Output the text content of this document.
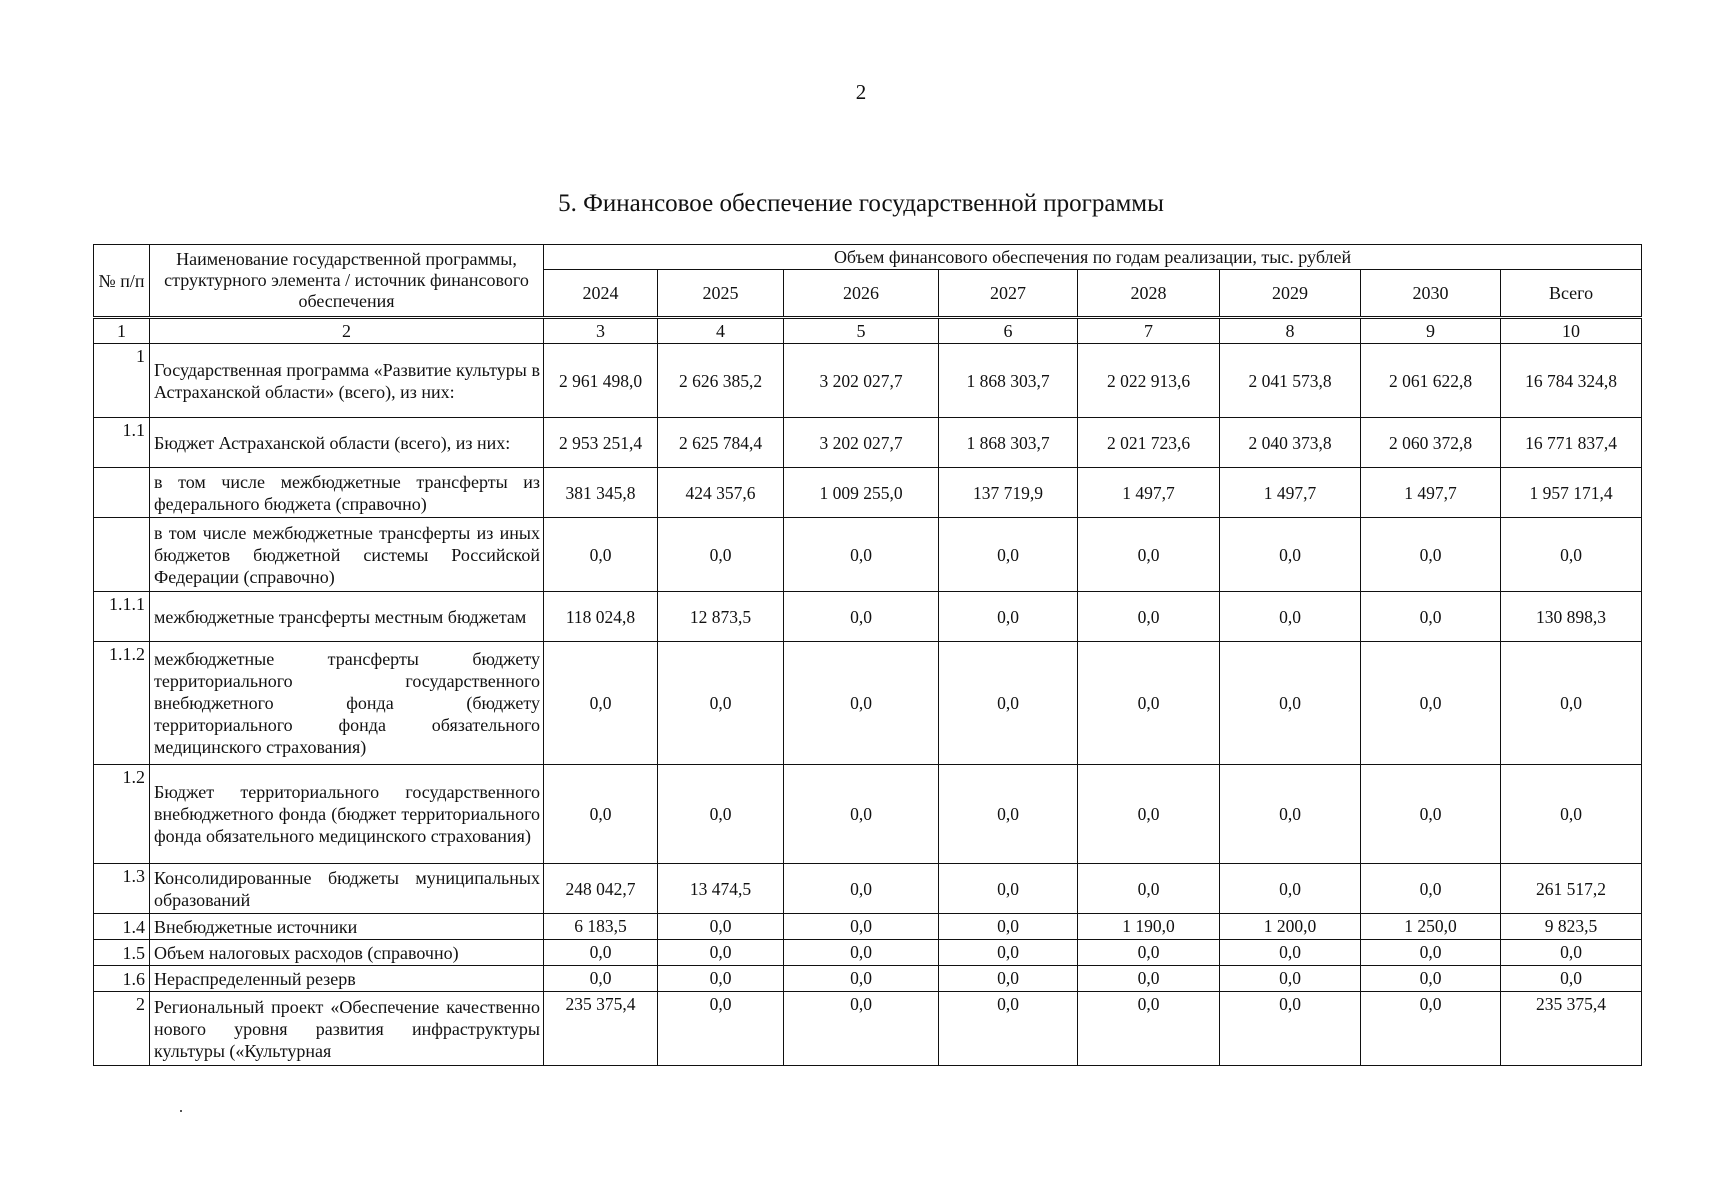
2
5. Финансовое обеспечение государственной программы
№ п/п	Наименование государственной программы, структурного элемента / источник финансового обеспечения	Объем финансового обеспечения по годам реализации, тыс. рублей							
		2024	2025	2026	2027	2028	2029	2030	Всего
1	2	3	4	5	6	7	8	9	10
1	Государственная программа «Развитие культуры в Астраханской области» (всего), из них:	2 961 498,0	2 626 385,2	3 202 027,7	1 868 303,7	2 022 913,6	2 041 573,8	2 061 622,8	16 784 324,8
1.1	Бюджет Астраханской области (всего), из них:	2 953 251,4	2 625 784,4	3 202 027,7	1 868 303,7	2 021 723,6	2 040 373,8	2 060 372,8	16 771 837,4
	в том числе межбюджетные трансферты из федерального бюджета (справочно)	381 345,8	424 357,6	1 009 255,0	137 719,9	1 497,7	1 497,7	1 497,7	1 957 171,4
	в том числе межбюджетные трансферты из иных бюджетов бюджетной системы Российской Федерации (справочно)	0,0	0,0	0,0	0,0	0,0	0,0	0,0	0,0
1.1.1	межбюджетные трансферты местным бюджетам	118 024,8	12 873,5	0,0	0,0	0,0	0,0	0,0	130 898,3
1.1.2	межбюджетные трансферты бюджету территориального государственного внебюджетного фонда (бюджету территориального фонда обязательного медицинского страхования)	0,0	0,0	0,0	0,0	0,0	0,0	0,0	0,0
1.2	Бюджет территориального государственного внебюджетного фонда (бюджет территориального фонда обязательного медицинского страхования)	0,0	0,0	0,0	0,0	0,0	0,0	0,0	0,0
1.3	Консолидированные бюджеты муниципальных образований	248 042,7	13 474,5	0,0	0,0	0,0	0,0	0,0	261 517,2
1.4	Внебюджетные источники	6 183,5	0,0	0,0	0,0	1 190,0	1 200,0	1 250,0	9 823,5
1.5	Объем налоговых расходов (справочно)	0,0	0,0	0,0	0,0	0,0	0,0	0,0	0,0
1.6	Нераспределенный резерв	0,0	0,0	0,0	0,0	0,0	0,0	0,0	0,0
2	Региональный проект «Обеспечение качественно нового уровня развития инфраструктуры культуры («Культурная	235 375,4	0,0	0,0	0,0	0,0	0,0	0,0	235 375,4
